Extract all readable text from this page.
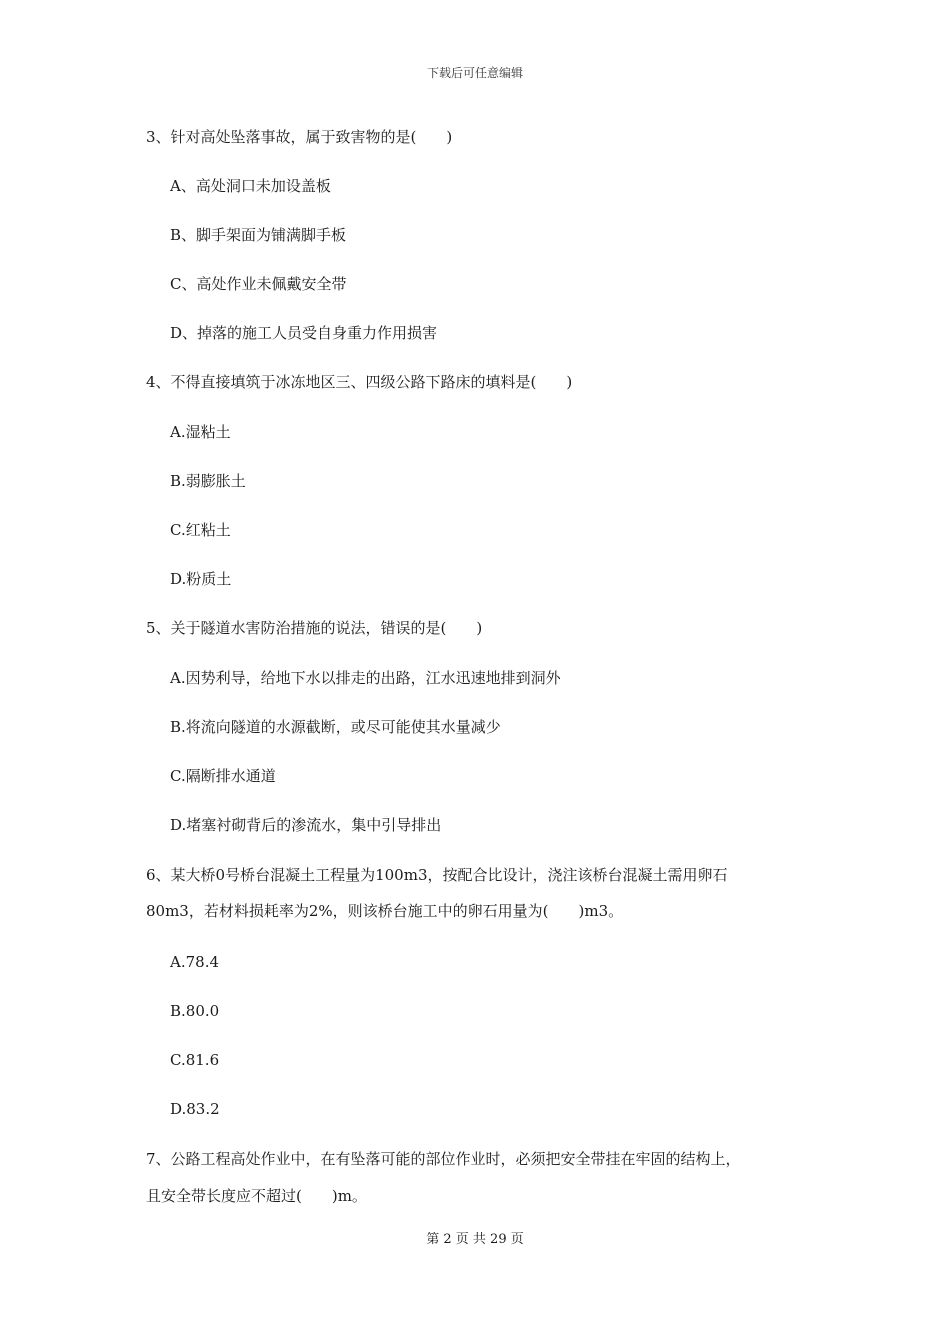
下载后可任意编辑
3、针对高处坠落事故，属于致害物的是(　　)
A、高处洞口未加设盖板
B、脚手架面为铺满脚手板
C、高处作业未佩戴安全带
D、掉落的施工人员受自身重力作用损害
4、不得直接填筑于冰冻地区三、四级公路下路床的填料是(　　)
A.湿粘土
B.弱膨胀土
C.红粘土
D.粉质土
5、关于隧道水害防治措施的说法，错误的是(　　)
A.因势利导，给地下水以排走的出路，江水迅速地排到洞外
B.将流向隧道的水源截断，或尽可能使其水量减少
C.隔断排水通道
D.堵塞衬砌背后的渗流水，集中引导排出
6、某大桥0号桥台混凝土工程量为100m3，按配合比设计，浇注该桥台混凝土需用卵石
80m3，若材料损耗率为2%，则该桥台施工中的卵石用量为(　　)m3。
A.78.4
B.80.0
C.81.6
D.83.2
7、公路工程高处作业中，在有坠落可能的部位作业时，必须把安全带挂在牢固的结构上，
且安全带长度应不超过(　　)m。
第 2 页 共 29 页
